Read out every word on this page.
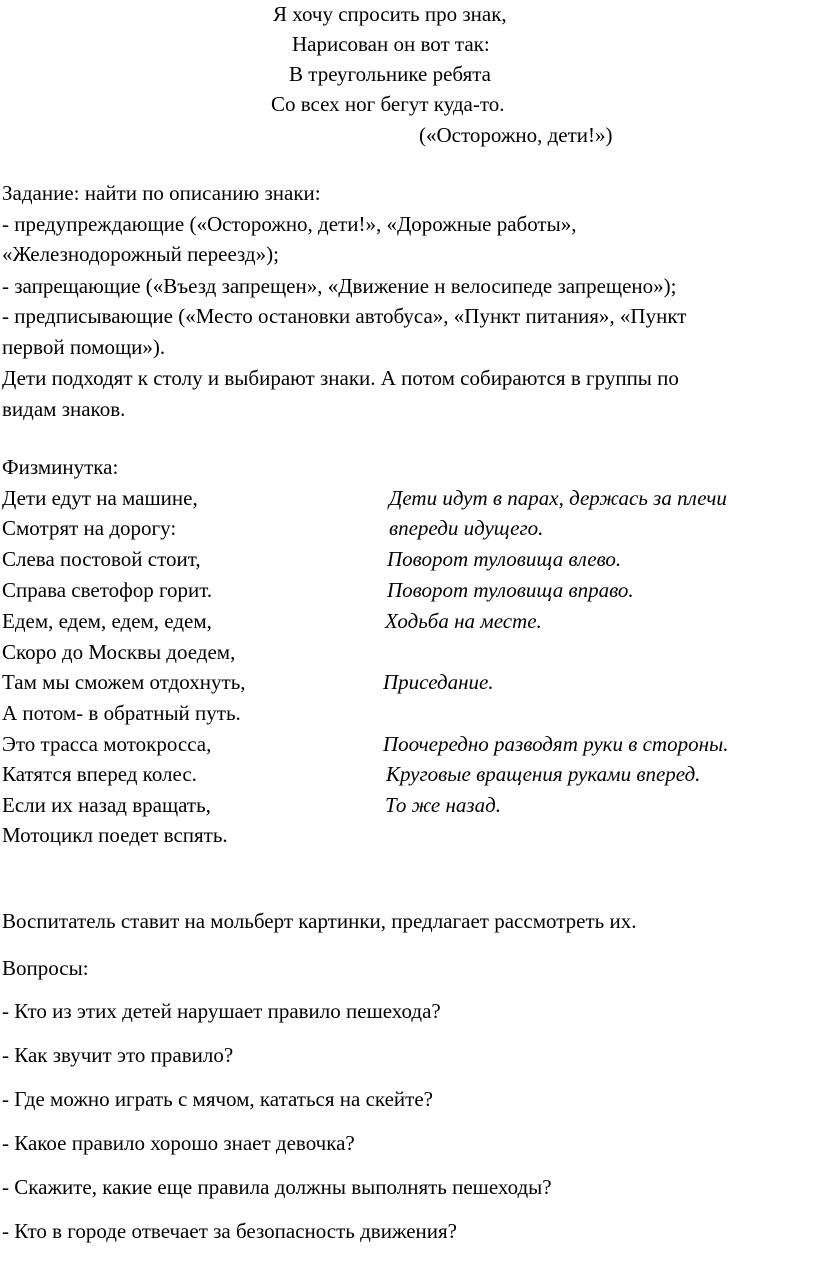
Я хочу спросить про знак,
Нарисован он вот так:
В треугольнике ребята
Со всех ног бегут куда-то.
(«Осторожно, дети!»)
Задание: найти по описанию знаки:
- предупреждающие («Осторожно, дети!», «Дорожные работы»,
«Железнодорожный переезд»);
- запрещающие («Въезд запрещен», «Движение н велосипеде запрещено»);
- предписывающие («Место остановки автобуса», «Пункт питания», «Пункт
первой помощи»).
Дети подходят к столу и выбирают знаки. А потом собираются в группы по
видам знаков.
Физминутка:
Дети едут на машине,
Смотрят на дорогу:
Слева постовой стоит,
Справа светофор горит.
Едем, едем, едем, едем,
Скоро до Москвы доедем,
Там мы сможем отдохнуть,
А потом- в обратный путь.
Это трасса мотокросса,
Катятся вперед колес.
Если их назад вращать,
Мотоцикл поедет вспять.
Дети идут в парах, держась за плечи
впереди идущего.
Поворот туловища влево.
Поворот туловища вправо.
Ходьба на месте.
Приседание.
Поочередно разводят руки в стороны.
Круговые вращения руками вперед.
То же назад.
Воспитатель ставит на мольберт картинки, предлагает рассмотреть их.
Вопросы:
- Кто из этих детей нарушает правило пешехода?
- Как звучит это правило?
- Где можно играть с мячом, кататься на скейте?
- Какое правило хорошо знает девочка?
- Скажите, какие еще правила должны выполнять пешеходы?
- Кто в городе отвечает за безопасность движения?
